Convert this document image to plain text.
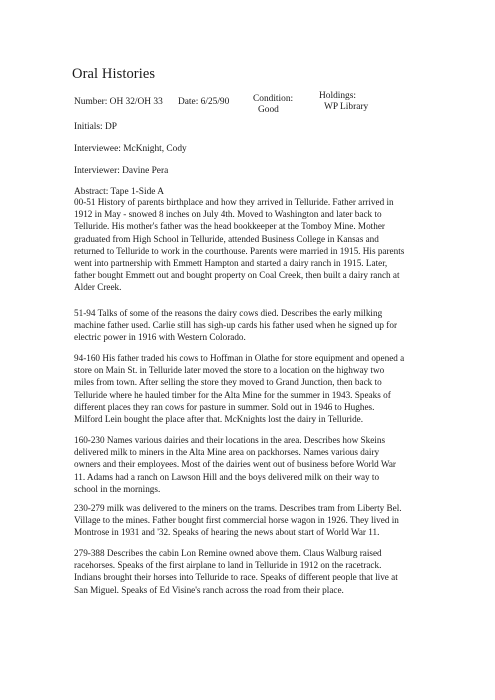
Oral Histories
Number: OH 32/OH 33 Date: 6/25/90	Condition:
Good
Holdings:
WP Library
Initials: DP
Interviewee: McKnight, Cody
Interviewer: Davine Pera
Abstract: Tape 1-Side A
00-51 History of parents birthplace and how they arrived in Telluride. Father arrived in
1912 in May - snowed 8 inches on July 4th. Moved to Washington and later back to
Telluride. His mother's father was the head bookkeeper at the Tomboy Mine. Mother
graduated from High School in Telluride, attended Business College in Kansas and
returned to Telluride to work in the courthouse. Parents were married in 1915. His parents
went into partnership with Emmett Hampton and started a dairy ranch in 1915. Later,
father bought Emmett out and bought property on Coal Creek, then built a dairy ranch at
Alder Creek.
51-94 Talks of some of the reasons the dairy cows died. Describes the early milking
machine father used. Carlie still has sigh-up cards his father used when he signed up for
electric power in 1916 with Western Colorado.
94-160 His father traded his cows to Hoffman in Olathe for store equipment and opened a
store on Main St. in Telluride later moved the store to a location on the highway two
miles from town. After selling the store they moved to Grand Junction, then back to
Telluride where he hauled timber for the Alta Mine for the summer in 1943. Speaks of
different places they ran cows for pasture in summer. Sold out in 1946 to Hughes.
Milford Lein bought the place after that. McKnights lost the dairy in Telluride.
160-230 Names various dairies and their locations in the area. Describes how Skeins
delivered milk to miners in the Alta Mine area on packhorses. Names various dairy
owners and their employees. Most of the dairies went out of business before World War
11. Adams had a ranch on Lawson Hill and the boys delivered milk on their way to
school in the mornings.
230-279 milk was delivered to the miners on the trams. Describes tram from Liberty Bel.
Village to the mines. Father bought first commercial horse wagon in 1926. They lived in
Montrose in 1931 and '32. Speaks of hearing the news about start of World War 11.
279-388 Describes the cabin Lon Remine owned above them. Claus Walburg raised
racehorses. Speaks of the first airplane to land in Telluride in 1912 on the racetrack.
Indians brought their horses into Telluride to race. Speaks of different people that live at
San Miguel. Speaks of Ed Visine's ranch across the road from their place.
